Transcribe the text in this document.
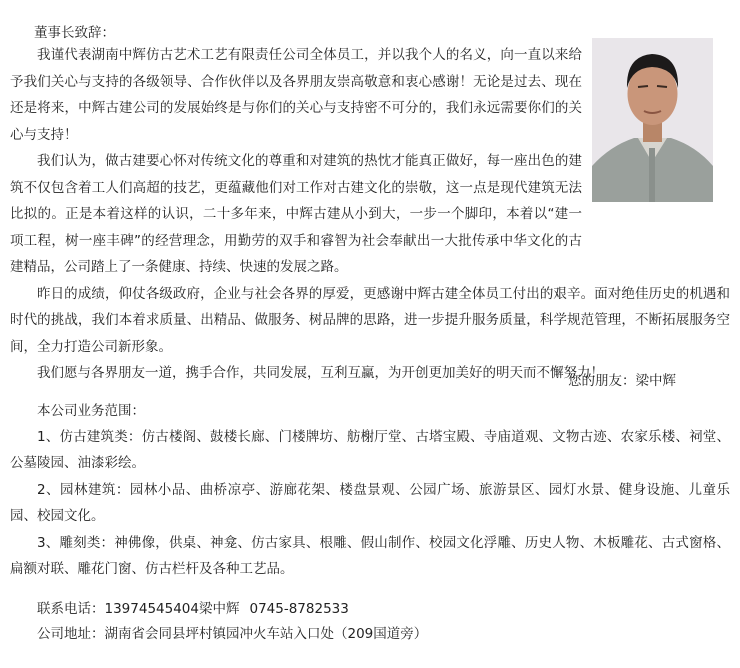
董事长致辞：

我谨代表湖南中辉仿古艺术工艺有限责任公司全体员工，并以我个人的名义，向一直以来给予我们关心与支持的各级领导、合作伙伴以及各界朋友崇高敬意和衷心感谢！无论是过去、现在还是将来，中辉古建公司的发展始终是与你们的关心与支持密不可分的，我们永远需要你们的关心与支持！

我们认为，做古建要心怀对传统文化的尊重和对建筑的热忱才能真正做好，每一座出色的建筑不仅包含着工人们高超的技艺，更蕴藏他们对工作对古建文化的崇敬，这一点是现代建筑无法比拟的。正是本着这样的认识，二十多年来，中辉古建从小到大，一步一个脚印，本着以“建一项工程，树一座丰碑”的经营理念，用勤劳的双手和睿智为社会奉献出一大批传承中华文化的古建精品，公司踏上了一条健康、持续、快速的发展之路。

昨日的成绩，仰仗各级政府，企业与社会各界的厚爱，更感谢中辉古建全体员工付出的艰辛。面对绝佳历史的机遇和时代的挑战，我们本着求质量、出精品、做服务、树品牌的思路，进一步提升服务质量，科学规范管理，不断拓展服务空间，全力打造公司新形象。

我们愿与各界朋友一道，携手合作，共同发展，互利互赢，为开创更加美好的明天而不懈努力！

您的朋友：梁中辉

本公司业务范围：

1、仿古建筑类：仿古楼阁、鼓楼长廊、门楼牌坊、舫榭厅堂、古塔宝殿、寺庙道观、文物古迹、农家乐楼、祠堂、公墓陵园、油漆彩绘。

2、园林建筑：园林小品、曲桥凉亭、游廊花架、楼盘景观、公园广场、旅游景区、园灯水景、健身设施、儿童乐园、校园文化。

3、雕刻类：神佛像，供桌、神龛、仿古家具、根雕、假山制作、校园文化浮雕、历史人物、木板雕花、古式窗格、扁额对联、雕花门窗、仿古栏杆及各种工艺品。

联系电话：13974545404梁中辉 0745-8782533
公司地址：湖南省会同县坪村镇园冲火车站入口处（209国道旁）
